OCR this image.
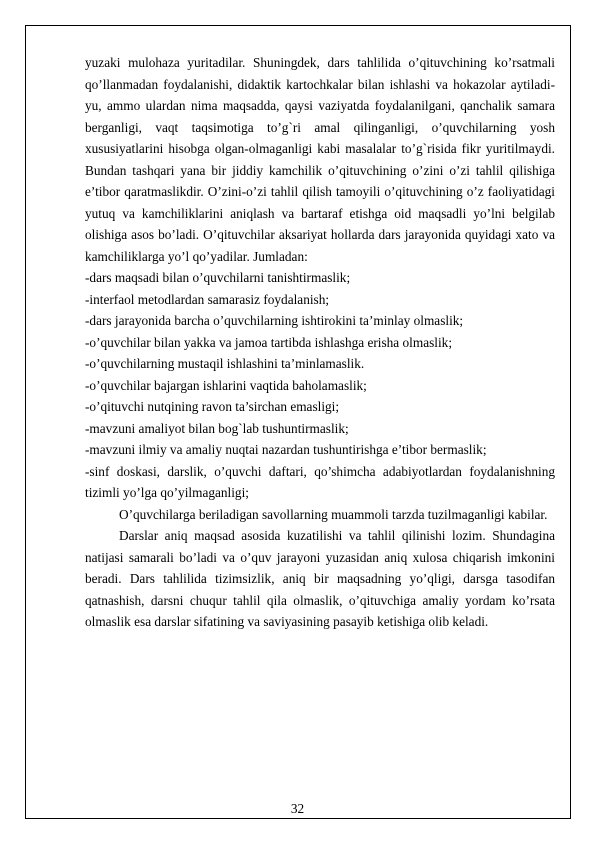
yuzaki mulohaza yuritadilar. Shuningdek, dars tahlilida o’qituvchining ko’rsatmali qo’llanmadan foydalanishi, didaktik kartochkalar bilan ishlashi va hokazolar aytiladi-yu, ammo ulardan nima maqsadda, qaysi vaziyatda foydalanilgani, qanchalik samara berganligi, vaqt taqsimotiga to’g`ri amal qilinganligi, o’quvchilarning yosh xususiyatlarini hisobga olgan-olmaganligi kabi masalalar to’g`risida fikr yuritilmaydi. Bundan tashqari yana bir jiddiy kamchilik o’qituvchining o’zini o’zi tahlil qilishiga e’tibor qaratmaslikdir. O’zini-o’zi tahlil qilish tamoyili o’qituvchining o’z faoliyatidagi yutuq va kamchiliklarini aniqlash va bartaraf etishga oid maqsadli yo’lni belgilab olishiga asos bo’ladi. O’qituvchilar aksariyat hollarda dars jarayonida quyidagi xato va kamchiliklarga yo’l qo’yadilar. Jumladan:

-dars maqsadi bilan o’quvchilarni tanishtirmaslik;

-interfaol metodlardan samarasiz foydalanish;

-dars jarayonida barcha o’quvchilarning ishtirokini ta’minlay olmaslik;

-o’quvchilar bilan yakka va jamoa tartibda ishlashga erisha olmaslik;

-o’quvchilarning mustaqil ishlashini ta’minlamaslik.

-o’quvchilar bajargan ishlarini vaqtida baholamaslik;

-o’qituvchi nutqining ravon ta’sirchan emasligi;

-mavzuni amaliyot bilan bog`lab tushuntirmaslik;

-mavzuni ilmiy va amaliy nuqtai nazardan tushuntirishga e’tibor bermaslik;

-sinf doskasi, darslik, o’quvchi daftari, qo’shimcha adabiyotlardan foydalanishning tizimli yo’lga qo’yilmaganligi;

O’quvchilarga beriladigan savollarning muammoli tarzda tuzilmaganligi kabilar.

Darslar aniq maqsad asosida kuzatilishi va tahlil qilinishi lozim. Shundagina natijasi samarali bo’ladi va o’quv jarayoni yuzasidan aniq xulosa chiqarish imkonini beradi. Dars tahlilida tizimsizlik, aniq bir maqsadning yo’qligi, darsga tasodifan qatnashish, darsni chuqur tahlil qila olmaslik, o’qituvchiga amaliy yordam ko’rsata olmaslik esa darslar sifatining va saviyasining pasayib ketishiga olib keladi.

32
